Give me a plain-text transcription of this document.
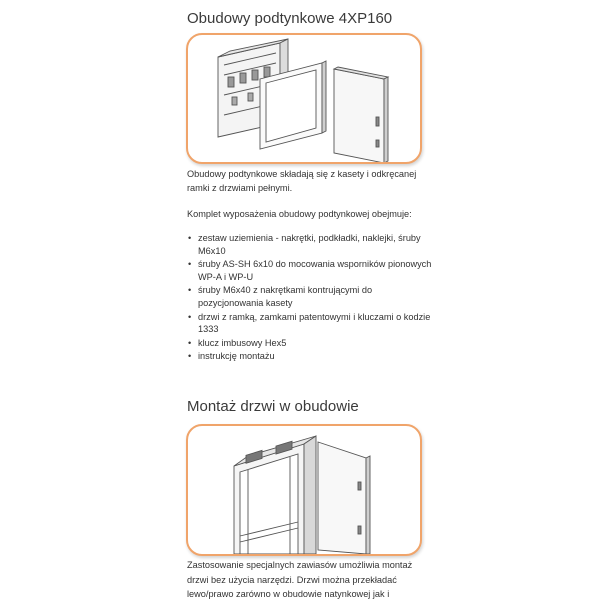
Obudowy podtynkowe 4XP160

Obudowy podtynkowe składają się z kasety i odkręcanej
ramki z drzwiami pełnymi.

Komplet wyposażenia obudowy podtynkowej obejmuje:

• zestaw uziemienia - nakrętki, podkładki, naklejki, śruby
M6x10
• śruby AS-SH 6x10 do mocowania wsporników pionowych
WP-A i WP-U
• śruby M6x40 z nakrętkami kontrującymi do
pozycjonowania kasety
• drzwi z ramką, zamkami patentowymi i kluczami o kodzie
1333
• klucz imbusowy Hex5
• instrukcję montażu
Montaż drzwi w obudowie

Zastosowanie specjalnych zawiasów umożliwia montaż
drzwi bez użycia narzędzi. Drzwi można przekładać
lewo/prawo zarówno w obudowie natynkowej jak i
